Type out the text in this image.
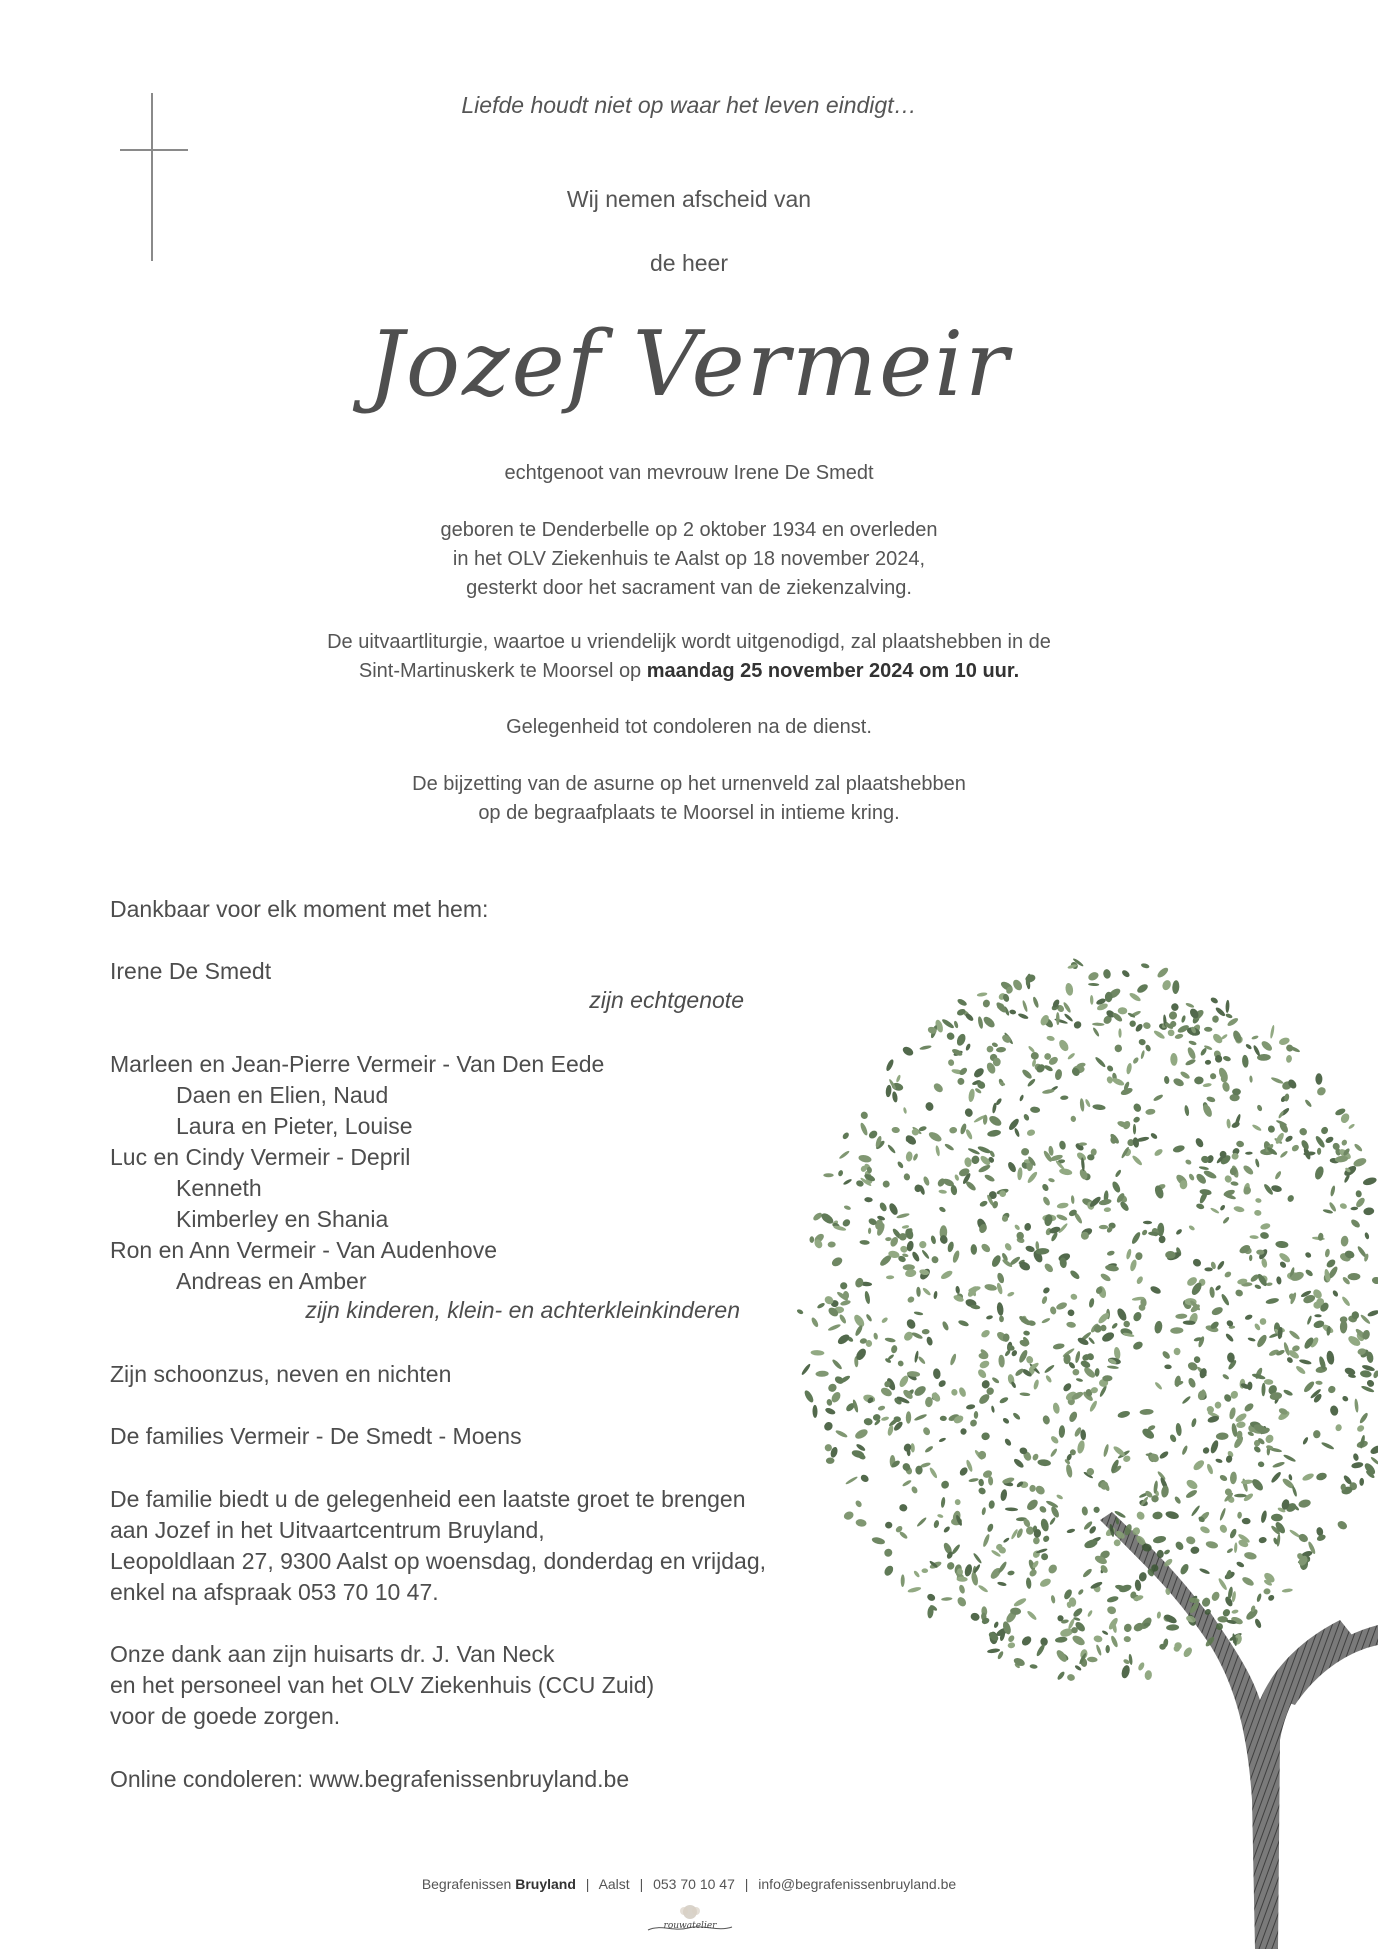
Liefde houdt niet op waar het leven eindigt…
Wij nemen afscheid van
de heer
Jozef Vermeir
echtgenoot van mevrouw Irene De Smedt
geboren te Denderbelle op 2 oktober 1934 en overleden
in het OLV Ziekenhuis te Aalst op 18 november 2024,
gesterkt door het sacrament van de ziekenzalving.
De uitvaartliturgie, waartoe u vriendelijk wordt uitgenodigd, zal plaatshebben in de
Sint-Martinuskerk te Moorsel op maandag 25 november 2024 om 10 uur.
Gelegenheid tot condoleren na de dienst.
De bijzetting van de asurne op het urnenveld zal plaatshebben
op de begraafplaats te Moorsel in intieme kring.
Dankbaar voor elk moment met hem:
Irene De Smedt
zijn echtgenote
Marleen en Jean-Pierre Vermeir - Van Den Eede
Daen en Elien, Naud
Laura en Pieter, Louise
Luc en Cindy Vermeir - Depril
Kenneth
Kimberley en Shania
Ron en Ann Vermeir - Van Audenhove
Andreas en Amber
zijn kinderen, klein- en achterkleinkinderen
Zijn schoonzus, neven en nichten
De families Vermeir - De Smedt - Moens
De familie biedt u de gelegenheid een laatste groet te brengen
aan Jozef in het Uitvaartcentrum Bruyland,
Leopoldlaan 27, 9300 Aalst op woensdag, donderdag en vrijdag,
enkel na afspraak 053 70 10 47.
Onze dank aan zijn huisarts dr. J. Van Neck
en het personeel van het OLV Ziekenhuis (CCU Zuid)
voor de goede zorgen.
Online condoleren: www.begrafenissenbruyland.be
Begrafenissen Bruyland | Aalst | 053 70 10 47 | info@begrafenissenbruyland.be
rouwatelier
